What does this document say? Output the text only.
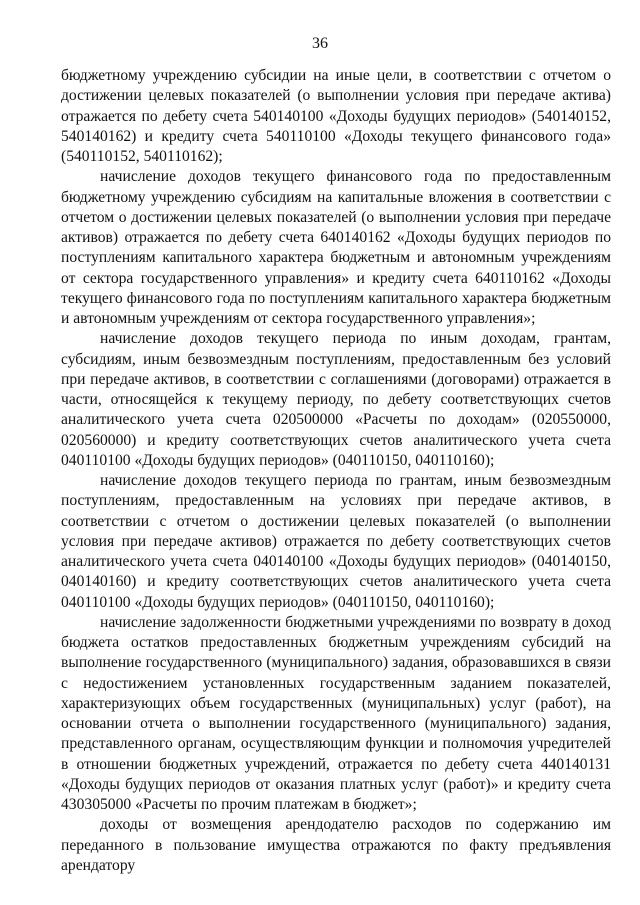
36

бюджетному учреждению субсидии на иные цели, в соответствии с отчетом о достижении целевых показателей (о выполнении условия при передаче актива) отражается по дебету счета 540140100 «Доходы будущих периодов» (540140152, 540140162) и кредиту счета 540110100 «Доходы текущего финансового года» (540110152, 540110162);

начисление доходов текущего финансового года по предоставленным бюджетному учреждению субсидиям на капитальные вложения в соответствии с отчетом о достижении целевых показателей (о выполнении условия при передаче активов) отражается по дебету счета 640140162 «Доходы будущих периодов по поступлениям капитального характера бюджетным и автономным учреждениям от сектора государственного управления» и кредиту счета 640110162 «Доходы текущего финансового года по поступлениям капитального характера бюджетным и автономным учреждениям от сектора государственного управления»;

начисление доходов текущего периода по иным доходам, грантам, субсидиям, иным безвозмездным поступлениям, предоставленным без условий при передаче активов, в соответствии с соглашениями (договорами) отражается в части, относящейся к текущему периоду, по дебету соответствующих счетов аналитического учета счета 020500000 «Расчеты по доходам» (020550000, 020560000) и кредиту соответствующих счетов аналитического учета счета 040110100 «Доходы будущих периодов» (040110150, 040110160);

начисление доходов текущего периода по грантам, иным безвозмездным поступлениям, предоставленным на условиях при передаче активов, в соответствии с отчетом о достижении целевых показателей (о выполнении условия при передаче активов) отражается по дебету соответствующих счетов аналитического учета счета 040140100 «Доходы будущих периодов» (040140150, 040140160) и кредиту соответствующих счетов аналитического учета счета 040110100 «Доходы будущих периодов» (040110150, 040110160);

начисление задолженности бюджетными учреждениями по возврату в доход бюджета остатков предоставленных бюджетным учреждениям субсидий на выполнение государственного (муниципального) задания, образовавшихся в связи с недостижением установленных государственным заданием показателей, характеризующих объем государственных (муниципальных) услуг (работ), на основании отчета о выполнении государственного (муниципального) задания, представленного органам, осуществляющим функции и полномочия учредителей в отношении бюджетных учреждений, отражается по дебету счета 440140131 «Доходы будущих периодов от оказания платных услуг (работ)» и кредиту счета 430305000 «Расчеты по прочим платежам в бюджет»;

доходы от возмещения арендодателю расходов по содержанию им переданного в пользование имущества отражаются по факту предъявления арендатору
